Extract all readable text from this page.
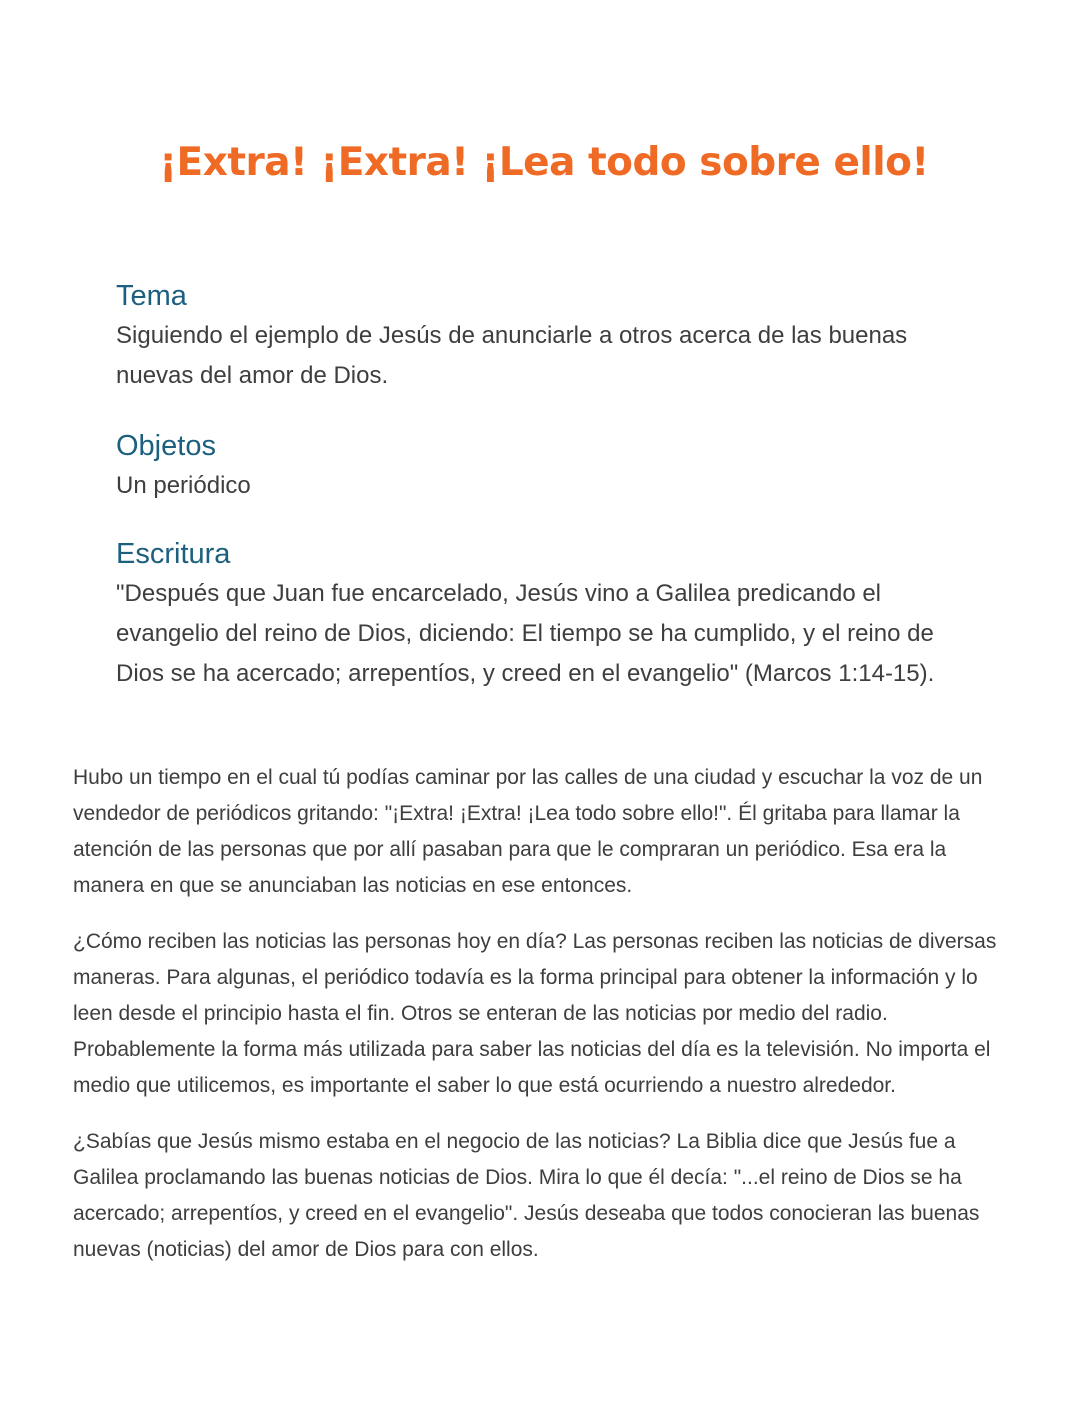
¡Extra! ¡Extra! ¡Lea todo sobre ello!
Tema

Siguiendo el ejemplo de Jesús de anunciarle a otros acerca de las buenas nuevas del amor de Dios.

Objetos

Un periódico

Escritura

"Después que Juan fue encarcelado, Jesús vino a Galilea predicando el evangelio del reino de Dios, diciendo: El tiempo se ha cumplido, y el reino de Dios se ha acercado; arrepentíos, y creed en el evangelio" (Marcos 1:14-15).

Hubo un tiempo en el cual tú podías caminar por las calles de una ciudad y escuchar la voz de un vendedor de periódicos gritando: "¡Extra! ¡Extra! ¡Lea todo sobre ello!". Él gritaba para llamar la atención de las personas que por allí pasaban para que le compraran un periódico. Esa era la manera en que se anunciaban las noticias en ese entonces.

¿Cómo reciben las noticias las personas hoy en día? Las personas reciben las noticias de diversas maneras. Para algunas, el periódico todavía es la forma principal para obtener la información y lo leen desde el principio hasta el fin. Otros se enteran de las noticias por medio del radio. Probablemente la forma más utilizada para saber las noticias del día es la televisión. No importa el medio que utilicemos, es importante el saber lo que está ocurriendo a nuestro alrededor.

¿Sabías que Jesús mismo estaba en el negocio de las noticias? La Biblia dice que Jesús fue a Galilea proclamando las buenas noticias de Dios. Mira lo que él decía: "...el reino de Dios se ha acercado; arrepentíos, y creed en el evangelio". Jesús deseaba que todos conocieran las buenas nuevas (noticias) del amor de Dios para con ellos.
